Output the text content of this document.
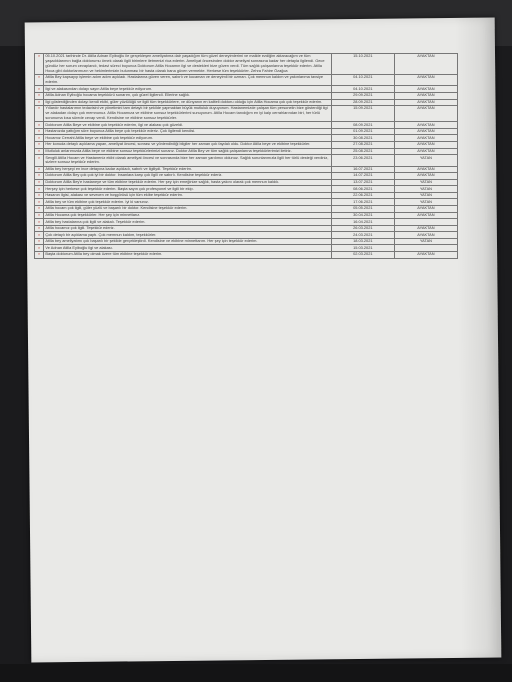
×	05.10.2021 tarihinde Dr. Atilla Adnan Eyiboğlu ile gerçekleşen ameliyatıma dair yaşadığım tüm güzel deneyimlerimi ve mailde ezdiğim aktaracağım ve tüm yaşadıklarımın bağla doktorumu örnek olarak ilgili birimlere iletmenizi rica ederim. Ameliyat öncesinden doktor ameliyat sonrasına kadar her detayla ilgilendi. Gece gündüz her sorum cevaplandı, tedavi süreci boyunca Doktorum Atilla Hocamın ilgi ve destekleri bize güven verdi. Tüm sağlık çalışanlarına teşekkür ederim. Atilla Hoca gibi doktorlarımızın ve hekimlerimizin bulunması bir hasta olarak bana güven vermekte. Herkese tüm teşekkürler. Zehra Fahire Özağca	15.10.2021	AYAKTAN

×	Atilla Bey kapsayıp işlemin adım adım açıkladı. Hastalarına güven veren, sabırlı ve kocaman ve deneyimli bir uzman. Çok memnun kaldım ve yakınlarıma tavsiye ederim.	04.10.2021	AYAKTAN

×	İlgi ve alakasından dolayı sayın Atilla beye teşekkür ediyorum.	04.10.2021	AYAKTAN

×	Atilla Adnan Eyiboğlu hocama teşekkürü sunarım, çok güzel ilgilendi. Ellerine sağlık.	29.09.2021	AYAKTAN

×	İlgi gösterdiğinden dolayı kendi ekibi, güler yüzlülüğü ve ilgili tüm teşekkürlere, ve dünyanın en kaliteli doktoru olduğu için Atilla Hocama çok çok teşekkür ederim.	28.09.2021	AYAKTAN

×	Yıllardır hastalarımın tedavisini ve yönetimini tam detaylı bir şekilde yapmaktan büyük mutluluk duyuyorum. Hastanemizde çalışan tüm personelin bize gösterdiği ilgi ve alakadan dolayı çok memnunuz. Atilla Hocamıza ve ekibine sonsuz teşekkürlerimi sunuyorum. Atilla Hocam tanıdığım en iyi kalp cerrahlarından biri, her türlü sorunuma kısa sürede cevap verdi. Kendisine ve ekibine sonsuz teşekkürler.	15.09.2021	AYAKTAN

×	Doktorum Atilla Beye ve ekibine çok teşekkür ederim, ilgi ve alakası çok güzeldi.	08.09.2021	AYAKTAN

×	Hastanızda yattığım süre boyunca Atilla beye çok teşekkür ederiz. Çok ilgilendi kendisi.	01.09.2021	AYAKTAN

×	Hocamız Cerrahi Atilla beye ve ekibine çok teşekkür ediyorum.	30.08.2021	AYAKTAN

×	Her konuda detaylı açıklama yapan, ameliyat öncesi, sonrası ve yönlendirdiği bilgiler her zaman çok faydalı oldu. Doktor Atilla beye ve ekibine teşekkürler.	27.08.2021	AYAKTAN

×	Mutluluk anlarımızda Atilla beye ve ekibine sonsuz teşekkürlerimizi sunarız. Doktor Atilla Bey ve tüm sağlık çalışanlarına teşekkürlerimizi iletiriz.	25.08.2021	AYAKTAN

×	Sevgili Atilla Hocam ve Hastaneniz ekibi olarak ameliyat öncesi ve sonrasında bize her zaman yardımcı oldunuz. Sağlık sorunlarımızla ilgili her türlü desteği verdiniz, sizlere sonsuz teşekkür ederim.	23.06.2021	YATAN

×	Atilla bey herşeyi en ince detayına kadar açıkladı, sabırlı ve ilgiliydi. Teşekkür ederim.	16.07.2021	AYAKTAN

×	Doktorum Atilla Bey çok çok iyi bir doktor. İnsanlara karşı çok ilgili ve sabırlı. Kendisine teşekkür ederiz.	14.07.2021	AYAKTAN

×	Doktorum Atilla Bey'e hastaneye ve tüm ekibine teşekkür ederim. Her şey için emeğinize sağlık, hasta yakını olarak çok memnun kaldık.	13.07.2021	YATAN

×	Herşey için herkese çok teşekkür ederim. Başta sayın çok profesyonel ve ilgili bir ekip.	08.06.2021	YATAN

×	Hasanın ilgisi, alakası ve sevecen ve hoşgörüsü için tüm ekibe teşekkür ederim.	22.06.2021	YATAN

×	Atilla bey ve tüm ekibine çok teşekkür ederim. İyi ki varsınız.	17.06.2021	YATAN

×	Atilla hocam çok ilgili, güler yüzlü ve başarılı bir doktor. Kendisine teşekkür ederim.	05.05.2021	AYAKTAN

×	Atilla Hocama çok teşekkürler. Her şey için minnettarız.	30.04.2021	AYAKTAN

×	Atilla bey hastalarına çok ilgili ve alakalı. Teşekkür ederim.	16.04.2021	

×	Atilla hocamız çok ilgili. Teşekkür ederiz.	26.03.2021	AYAKTAN

×	Çok detaylı bir açıklama yaptı. Çok memnun kaldım, teşekkürler.	24.03.2021	AYAKTAN

×	Atilla bey ameliyatımı çok başarılı bir şekilde gerçekleştirdi. Kendisine ve ekibine minnettarım. Her şey için teşekkür ederim.	18.03.2021	YATAN

×	Ve Adnan Atilla Eyiboğlu ilgi ve alakası.	15.03.2021	

×	Başta doktorum Atilla bey olmak üzere tüm ekibine teşekkür ederim.	02.03.2021	AYAKTAN
